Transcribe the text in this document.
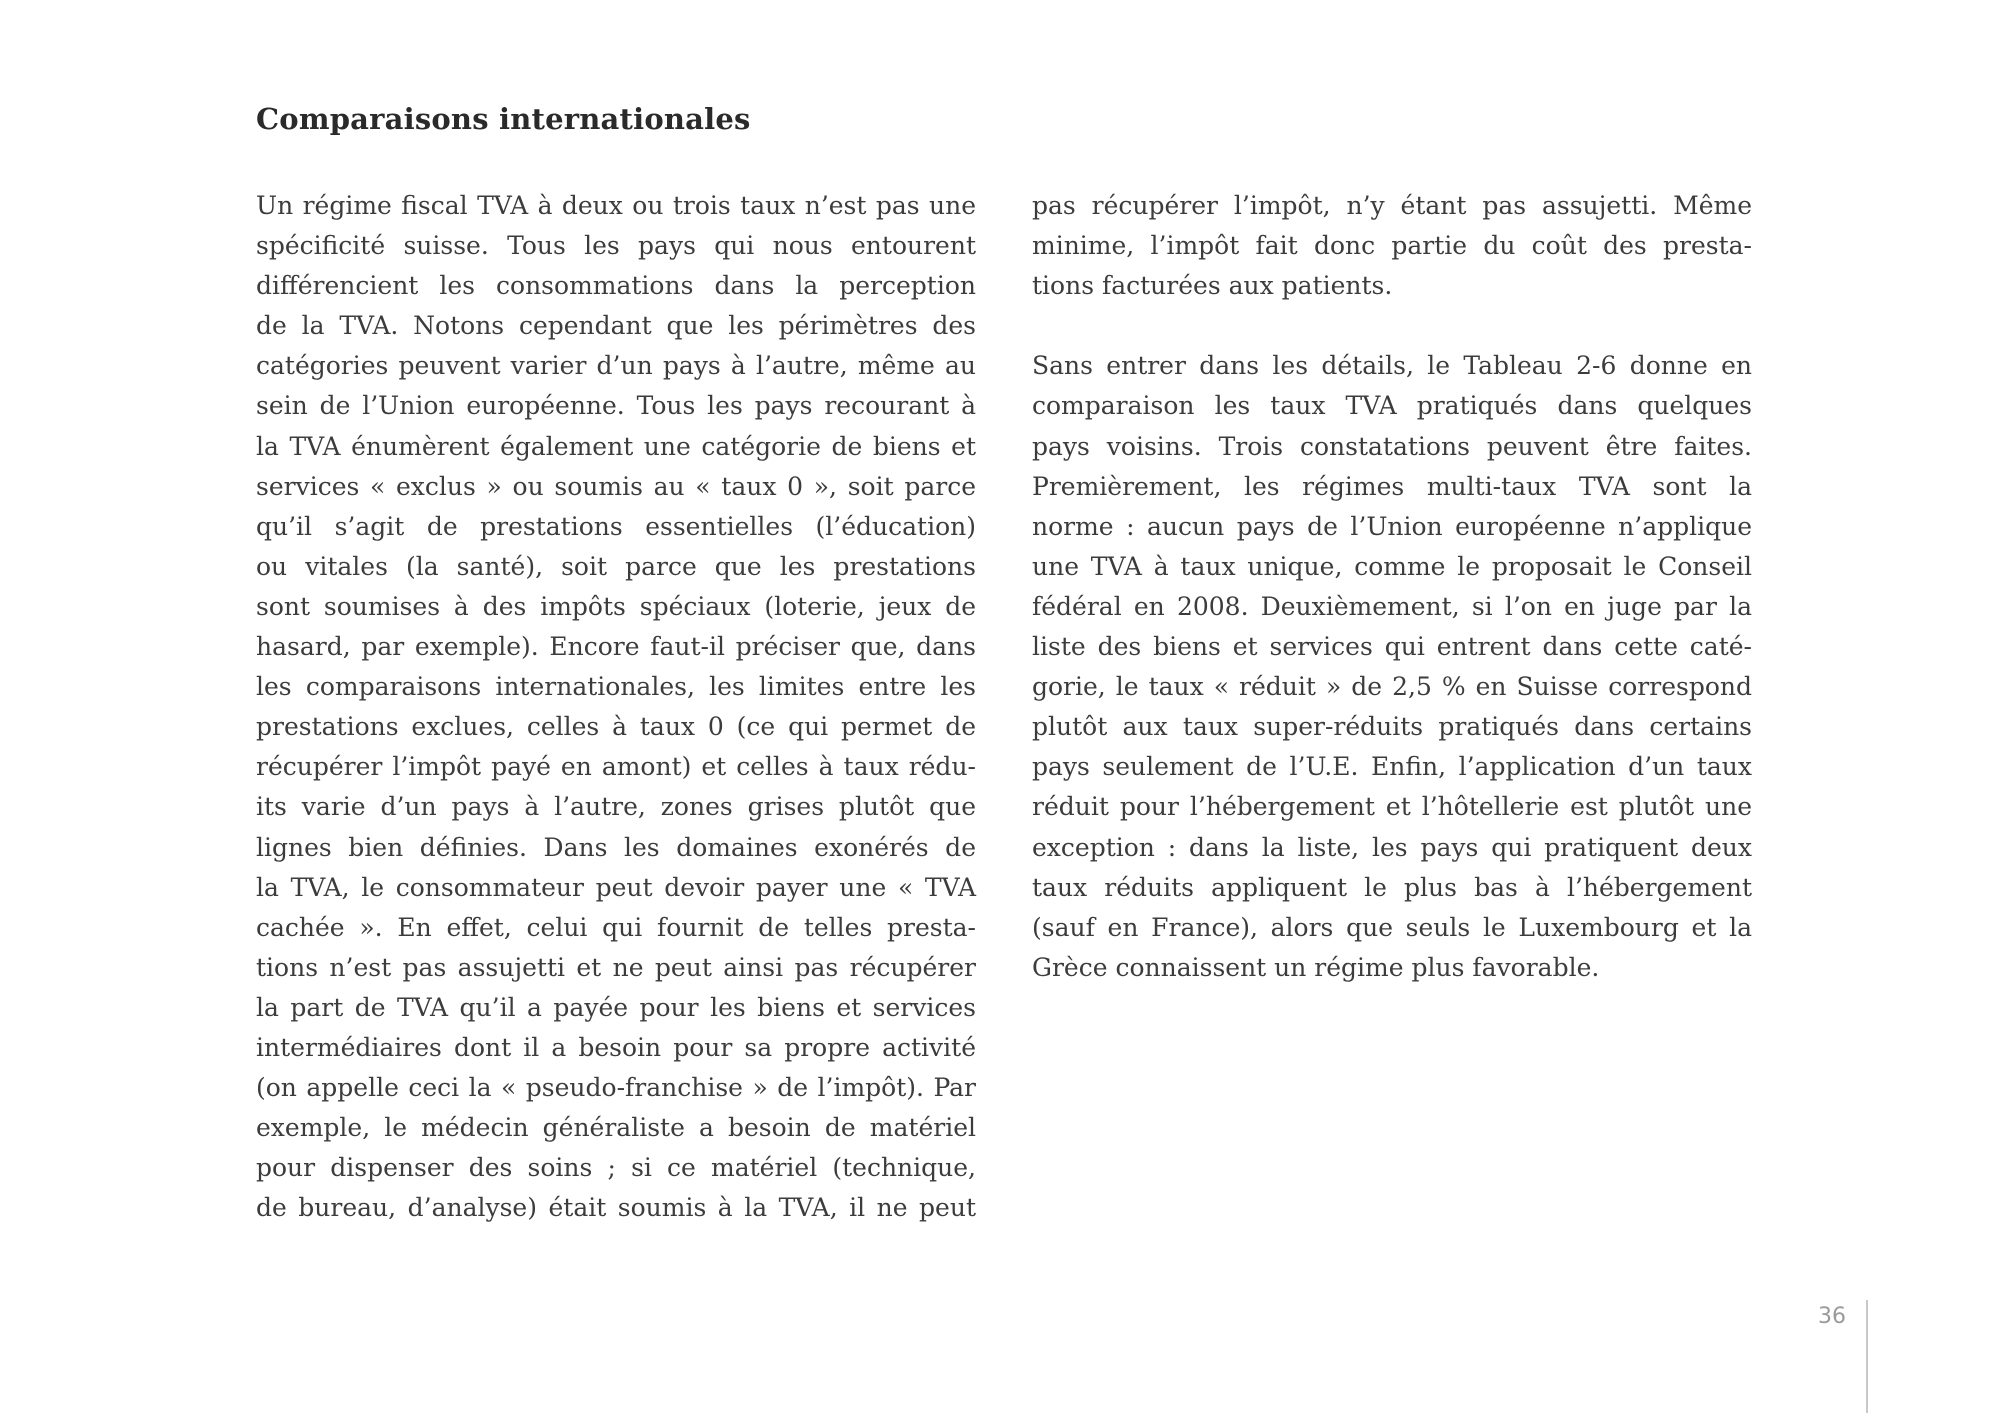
Comparaisons internationales
Un régime fiscal TVA à deux ou trois taux n’est pas une
spécificité suisse. Tous les pays qui nous entourent
différencient les consommations dans la perception
de la TVA. Notons cependant que les périmètres des
catégories peuvent varier d’un pays à l’autre, même au
sein de l’Union européenne. Tous les pays recourant à
la TVA énumèrent également une catégorie de biens et
services « exclus » ou soumis au « taux 0 », soit parce
qu’il s’agit de prestations essentielles (l’éducation)
ou vitales (la santé), soit parce que les prestations
sont soumises à des impôts spéciaux (loterie, jeux de
hasard, par exemple). Encore faut-il préciser que, dans
les comparaisons internationales, les limites entre les
prestations exclues, celles à taux 0 (ce qui permet de
récupérer l’impôt payé en amont) et celles à taux rédu-
its varie d’un pays à l’autre, zones grises plutôt que
lignes bien définies. Dans les domaines exonérés de
la TVA, le consommateur peut devoir payer une « TVA
cachée ». En effet, celui qui fournit de telles presta-
tions n’est pas assujetti et ne peut ainsi pas récupérer
la part de TVA qu’il a payée pour les biens et services
intermédiaires dont il a besoin pour sa propre activité
(on appelle ceci la « pseudo-franchise » de l’impôt). Par
exemple, le médecin généraliste a besoin de matériel
pour dispenser des soins ; si ce matériel (technique,
de bureau, d’analyse) était soumis à la TVA, il ne peut
pas récupérer l’impôt, n’y étant pas assujetti. Même
minime, l’impôt fait donc partie du coût des presta-
tions facturées aux patients.
Sans entrer dans les détails, le Tableau 2-6 donne en
comparaison les taux TVA pratiqués dans quelques
pays voisins. Trois constatations peuvent être faites.
Premièrement, les régimes multi-taux TVA sont la
norme : aucun pays de l’Union européenne n’applique
une TVA à taux unique, comme le proposait le Conseil
fédéral en 2008. Deuxièmement, si l’on en juge par la
liste des biens et services qui entrent dans cette caté-
gorie, le taux « réduit » de 2,5 % en Suisse correspond
plutôt aux taux super-réduits pratiqués dans certains
pays seulement de l’U.E. Enfin, l’application d’un taux
réduit pour l’hébergement et l’hôtellerie est plutôt une
exception : dans la liste, les pays qui pratiquent deux
taux réduits appliquent le plus bas à l’hébergement
(sauf en France), alors que seuls le Luxembourg et la
Grèce connaissent un régime plus favorable.
36
